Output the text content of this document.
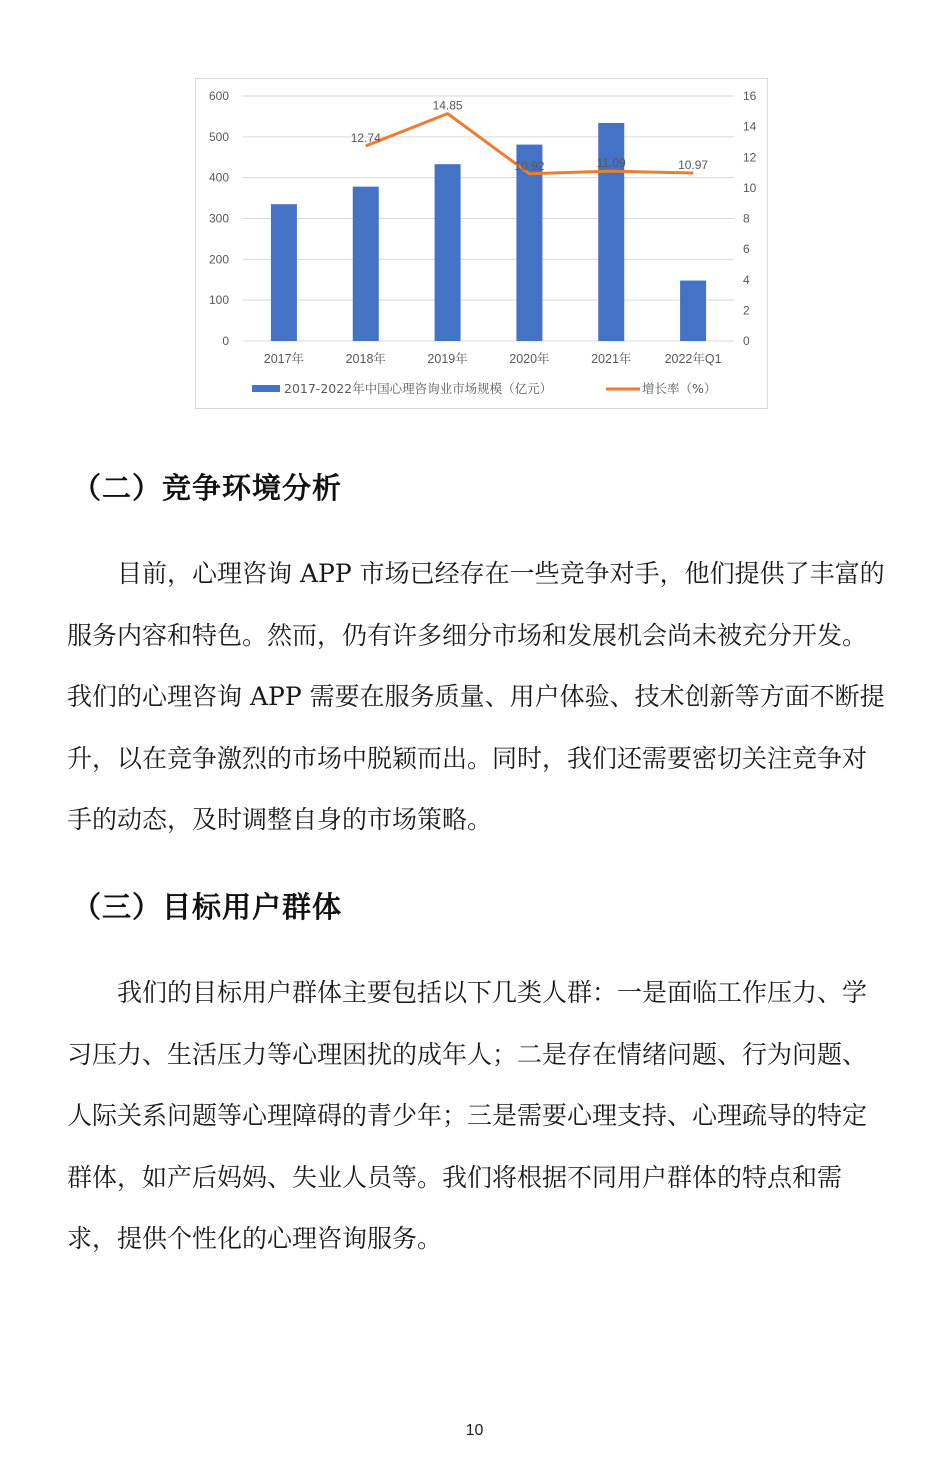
0
100
200
300
400
500
600
0
2
4
6
8
10
12
14
16
2017年	2018年	2019年	2020年	2021年	2022年Q1
12.74
14.85
10.92	11.09	10.97
2017-2022年中国心理咨询业市场规模（亿元）	增长率（%）
（二）竞争环境分析

目前，心理咨询 APP 市场已经存在一些竞争对手，他们提供了丰富的服务内容和特色。然而，仍有许多细分市场和发展机会尚未被充分开发。我们的心理咨询 APP 需要在服务质量、用户体验、技术创新等方面不断提升，以在竞争激烈的市场中脱颖而出。同时，我们还需要密切关注竞争对手的动态，及时调整自身的市场策略。

（三）目标用户群体

我们的目标用户群体主要包括以下几类人群：一是面临工作压力、学习压力、生活压力等心理困扰的成年人；二是存在情绪问题、行为问题、人际关系问题等心理障碍的青少年；三是需要心理支持、心理疏导的特定群体，如产后妈妈、失业人员等。我们将根据不同用户群体的特点和需求，提供个性化的心理咨询服务。

10
